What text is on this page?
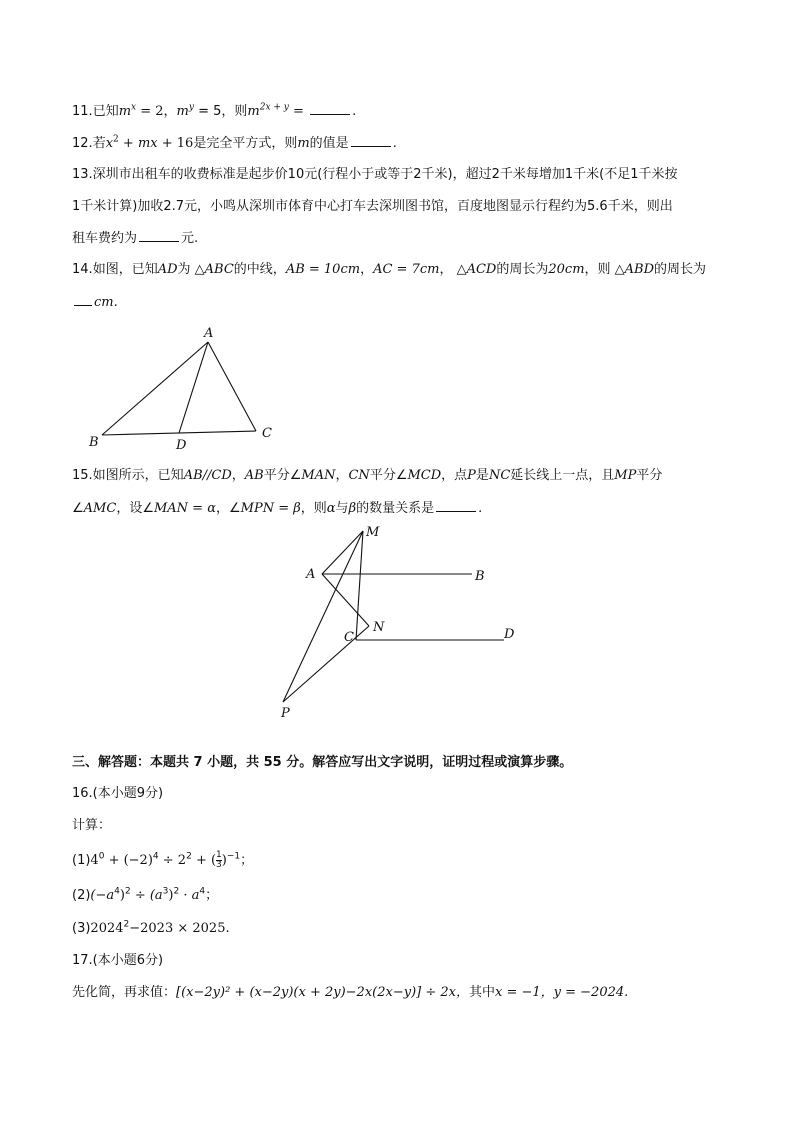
11.已知$m^x = 2$，$m^y = 5$，则$m^{2x + y}$ =	.
12.若$x^2$ + mx + 16是完全平方式，则m的值是	.
13.深圳市出租车的收费标准是起步价10元(行程小于或等于2千米)，超过2千米每增加1千米(不足1千米按
1千米计算)加收2.7元，小鸣从深圳市体育中心打车去深圳图书馆，百度地图显示行程约为5.6千米，则出
租车费约为	元.
14.如图，已知AD为 △ABC的中线，AB = 10cm，AC = 7cm， △ACD的周长为20cm，则 △ABD的周长为
cm.
A
B	D
C
15.如图所示，已知AB//CD，AB平分∠MAN，CN平分∠MCD，点P是NC延长线上一点，且MP平分
∠AMC，设∠MAN = α，∠MPN = β，则α与β的数量关系是	.
M
A	B
N
C	D
P
三、解答题：本题共 7 小题，共 55 分。解答应写出文字说明，证明过程或演算步骤。
16.(本小题9分)
计算：
$(1)4^0 + (-2)^4 \div 2^2$ + ( $\frac{1}{3} )^{-1}$；
$(2)(-a^4)^2 \div (a^3)^2 \cdot a^4$；
$(3)2024^2-2023 \times 2025$.
17.(本小题6分)
先化简，再求值：[(x−2y)² + (x−2y)(x + 2y)−2x(2x−y)] ÷ 2x，其中x = −1，y = −2024.
